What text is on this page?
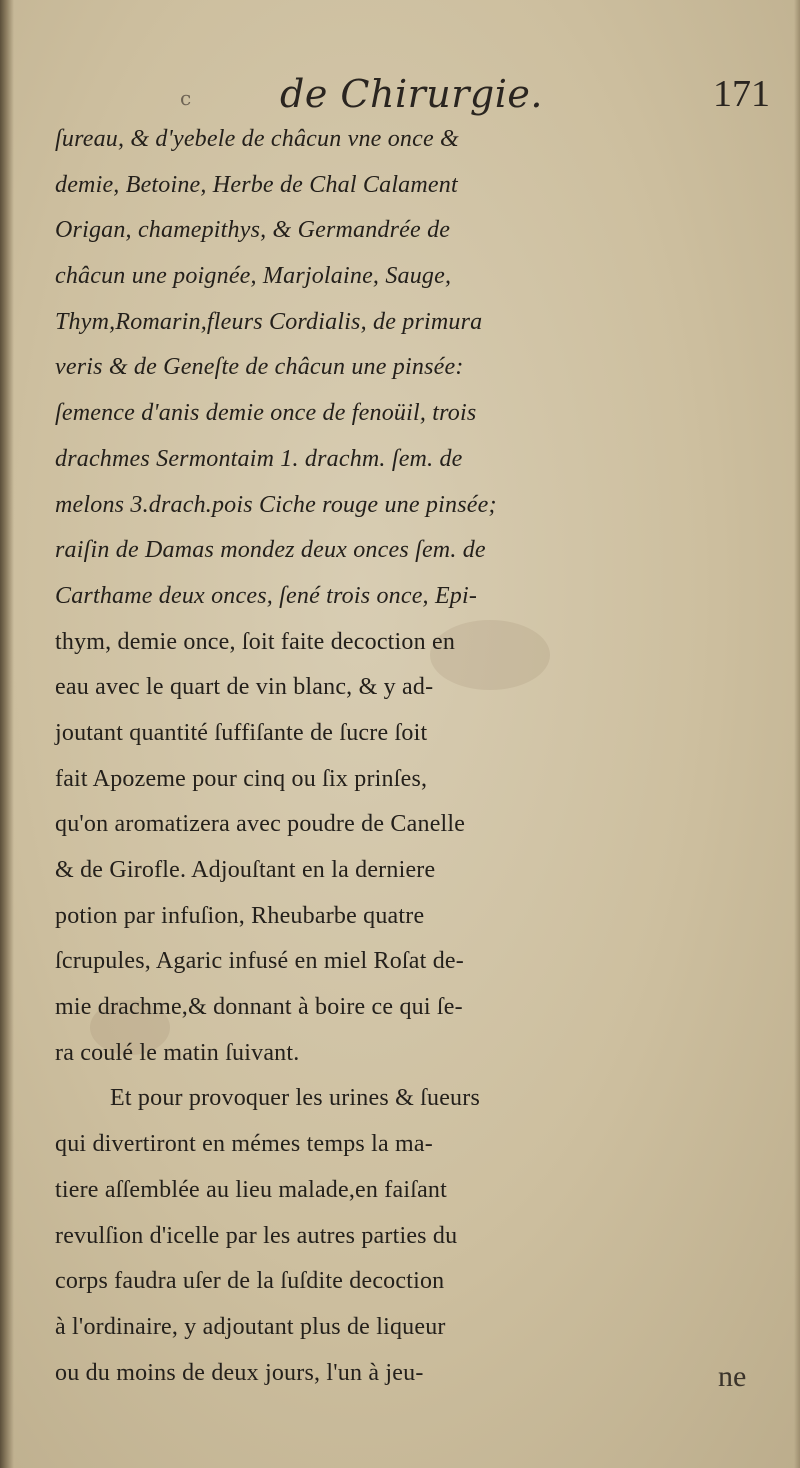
c de Chirurgie.	171
ſureau, & d'yebele de châcun vne once &
demie, Betoine, Herbe de Chal Calament
Origan, chamepithys, & Germandrée de
châcun une poignée, Marjolaine, Sauge,
Thym,Romarin,fleurs Cordialis, de primura
veris & de Geneſte de châcun une pinsée:
ſemence d'anis demie once de fenoüil, trois
drachmes Sermontaim 1. drachm. ſem. de
melons 3.drach.pois Ciche rouge une pinsée;
raiſin de Damas mondez deux onces ſem. de
Carthame deux onces, ſené trois once, Epi-
thym, demie once, ſoit faite decoction en
eau avec le quart de vin blanc, & y ad-
joutant quantité ſuffiſante de ſucre ſoit
fait Apozeme pour cinq ou ſix prinſes,
qu'on aromatizera avec poudre de Canelle
& de Girofle. Adjouſtant en la derniere
potion par infuſion, Rheubarbe quatre
ſcrupules, Agaric infusé en miel Roſat de-
mie drachme,& donnant à boire ce qui ſe-
ra coulé le matin ſuivant.
Et pour provoquer les urines & ſueurs
qui divertiront en mémes temps la ma-
tiere aſſemblée au lieu malade,en faiſant
revulſion d'icelle par les autres parties du
corps faudra uſer de la ſuſdite decoction
à l'ordinaire, y adjoutant plus de liqueur
ou du moins de deux jours, l'un à jeu-	ne
